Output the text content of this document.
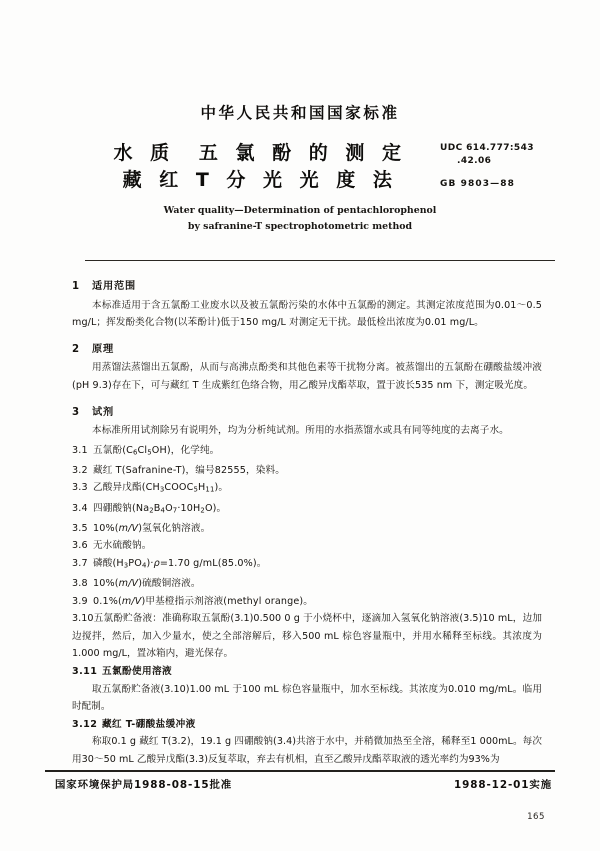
中华人民共和国国家标准
水 质  五 氯 酚 的 测 定
藏 红 T 分 光 光 度 法
UDC 614.777:543
.42.06
GB 9803—88
Water quality—Determination of pentachlorophenol
by safranine-T spectrophotometric method
1 适用范围

本标准适用于含五氯酚工业废水以及被五氯酚污染的水体中五氯酚的测定。其测定浓度范围为0.01～0.5 mg/L；挥发酚类化合物(以苯酚计)低于150 mg/L 对测定无干扰。最低检出浓度为0.01 mg/L。

2 原理

用蒸馏法蒸馏出五氯酚，从而与高沸点酚类和其他色素等干扰物分离。被蒸馏出的五氯酚在硼酸盐缓冲液(pH 9.3)存在下，可与藏红 T 生成紫红色络合物，用乙酸异戊酯萃取，置于波长535 nm 下，测定吸光度。

3 试剂

本标准所用试剂除另有说明外，均为分析纯试剂。所用的水指蒸馏水或具有同等纯度的去离子水。

3.1 五氯酚$(C_6Cl_5OH)$，化学纯。
3.2 藏红 T(Safranine-T)，编号82555，染料。
3.3 乙酸异戊酯$(CH_3COOC_5H_{11})$。
3.4 四硼酸钠$(Na_2B_4O_7\cdot 10H_2O)$。
3.5 10%(m/V)氢氧化钠溶液。
3.6 无水硫酸钠。
3.7 磷酸$(H_3PO_4)\cdot\rho=1.70$ g/mL(85.0%)。
3.8 10%(m/V)硫酸铜溶液。
3.9 0.1%(m/V)甲基橙指示剂溶液(methyl orange)。

3.10五氯酚贮备液：准确称取五氯酚(3.1)0.500 0 g 于小烧杯中，逐滴加入氢氧化钠溶液(3.5)10 mL，边加边搅拌，然后，加入少量水，使之全部溶解后，移入500 mL 棕色容量瓶中，并用水稀释至标线。其浓度为1.000 mg/L，置冰箱内，避光保存。

3.11 五氯酚使用溶液

取五氯酚贮备液(3.10)1.00 mL 于100 mL 棕色容量瓶中，加水至标线。其浓度为0.010 mg/mL。临用时配制。

3.12 藏红 T-硼酸盐缓冲液

称取0.1 g 藏红 T(3.2)，19.1 g 四硼酸钠(3.4)共溶于水中，并稍微加热至全溶，稀释至1 000mL。每次用30～50 mL 乙酸异戊酯(3.3)反复萃取，弃去有机相，直至乙酸异戊酯萃取液的透光率约为93%为

国家环境保护局1988-08-15批准	1988-12-01实施
165
